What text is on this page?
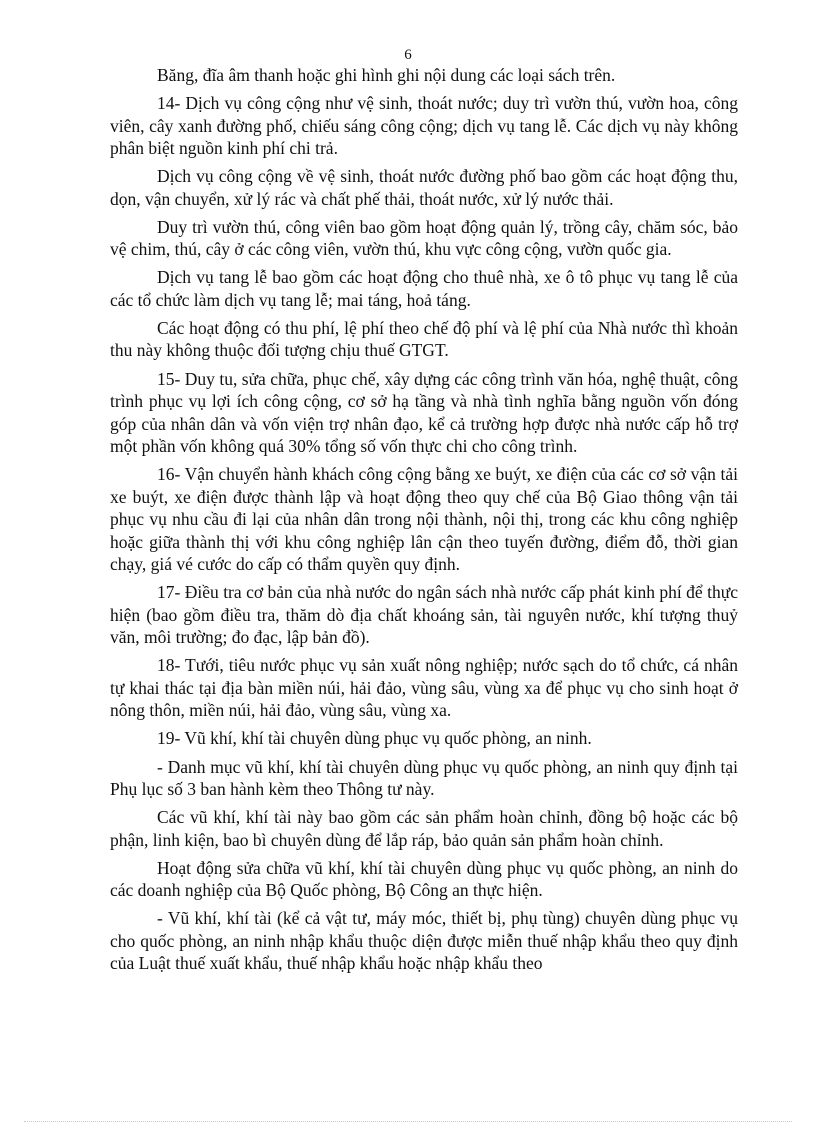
6

Băng, đĩa âm thanh hoặc ghi hình ghi nội dung các loại sách trên.

14- Dịch vụ công cộng như vệ sinh, thoát nước; duy trì vườn thú, vườn hoa, công viên, cây xanh đường phố, chiếu sáng công cộng; dịch vụ tang lễ. Các dịch vụ này không phân biệt nguồn kinh phí chi trả.

Dịch vụ công cộng về vệ sinh, thoát nước đường phố bao gồm các hoạt động thu, dọn, vận chuyển, xử lý rác và chất phế thải, thoát nước, xử lý nước thải.

Duy trì vườn thú, công viên bao gồm hoạt động quản lý, trồng cây, chăm sóc, bảo vệ chim, thú, cây ở các công viên, vườn thú, khu vực công cộng, vườn quốc gia.

Dịch vụ tang lễ bao gồm các hoạt động cho thuê nhà, xe ô tô phục vụ tang lễ của các tổ chức làm dịch vụ tang lễ; mai táng, hoả táng.

Các hoạt động có thu phí, lệ phí theo chế độ phí và lệ phí của Nhà nước thì khoản thu này không thuộc đối tượng chịu thuế GTGT.

15- Duy tu, sửa chữa, phục chế, xây dựng các công trình văn hóa, nghệ thuật, công trình phục vụ lợi ích công cộng, cơ sở hạ tầng và nhà tình nghĩa bằng nguồn vốn đóng góp của nhân dân và vốn viện trợ nhân đạo, kể cả trường hợp được nhà nước cấp hỗ trợ một phần vốn không quá 30% tổng số vốn thực chi cho công trình.

16- Vận chuyển hành khách công cộng bằng xe buýt, xe điện của các cơ sở vận tải xe buýt, xe điện được thành lập và hoạt động theo quy chế của Bộ Giao thông vận tải phục vụ nhu cầu đi lại của nhân dân trong nội thành, nội thị, trong các khu công nghiệp hoặc giữa thành thị với khu công nghiệp lân cận theo tuyến đường, điểm đỗ, thời gian chạy, giá vé cước do cấp có thẩm quyền quy định.

17- Điều tra cơ bản của nhà nước do ngân sách nhà nước cấp phát kinh phí để thực hiện (bao gồm điều tra, thăm dò địa chất khoáng sản, tài nguyên nước, khí tượng thuỷ văn, môi trường; đo đạc, lập bản đồ).

18- Tưới, tiêu nước phục vụ sản xuất nông nghiệp; nước sạch do tổ chức, cá nhân tự khai thác tại địa bàn miền núi, hải đảo, vùng sâu, vùng xa để phục vụ cho sinh hoạt ở nông thôn, miền núi, hải đảo, vùng sâu, vùng xa.

19- Vũ khí, khí tài chuyên dùng phục vụ quốc phòng, an ninh.

- Danh mục vũ khí, khí tài chuyên dùng phục vụ quốc phòng, an ninh quy định tại Phụ lục số 3 ban hành kèm theo Thông tư này.

Các vũ khí, khí tài này bao gồm các sản phẩm hoàn chỉnh, đồng bộ hoặc các bộ phận, linh kiện, bao bì chuyên dùng để lắp ráp, bảo quản sản phẩm hoàn chỉnh.

Hoạt động sửa chữa vũ khí, khí tài chuyên dùng phục vụ quốc phòng, an ninh do các doanh nghiệp của Bộ Quốc phòng, Bộ Công an thực hiện.

- Vũ khí, khí tài (kể cả vật tư, máy móc, thiết bị, phụ tùng) chuyên dùng phục vụ cho quốc phòng, an ninh nhập khẩu thuộc diện được miễn thuế nhập khẩu theo quy định của Luật thuế xuất khẩu, thuế nhập khẩu hoặc nhập khẩu theo
